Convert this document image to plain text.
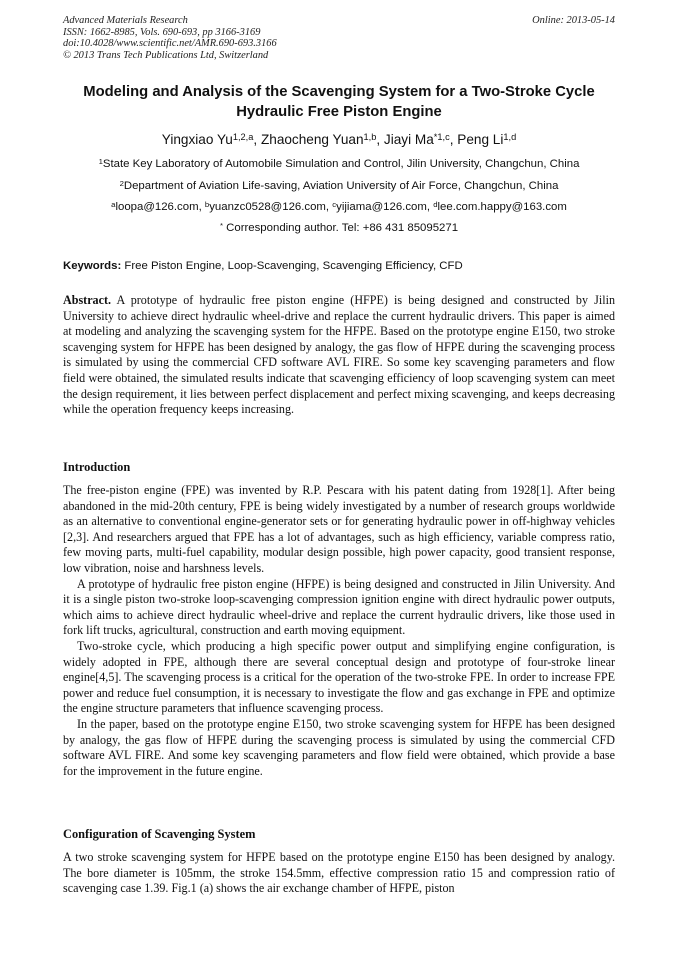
Advanced Materials Research
ISSN: 1662-8985, Vols. 690-693, pp 3166-3169
doi:10.4028/www.scientific.net/AMR.690-693.3166
© 2013 Trans Tech Publications Ltd, Switzerland
Online: 2013-05-14
Modeling and Analysis of the Scavenging System for a Two-Stroke Cycle
Hydraulic Free Piston Engine
Yingxiao Yu$^{1,2,a}$, Zhaocheng Yuan$^{1,b}$, Jiayi Ma$^{*1,c}$, Peng Li$^{1,d}$
$^1$State Key Laboratory of Automobile Simulation and Control, Jilin University, Changchun, China
$^2$Department of Aviation Life-saving, Aviation University of Air Force, Changchun, China
$^a$loopa@126.com, $^b$yuanzc0528@126.com, $^c$yijiama@126.com, $^d$lee.com.happy@163.com
* Corresponding author. Tel: +86 431 85095271
Keywords: Free Piston Engine, Loop-Scavenging, Scavenging Efficiency, CFD

Abstract. A prototype of hydraulic free piston engine (HFPE) is being designed and constructed by Jilin University to achieve direct hydraulic wheel-drive and replace the current hydraulic drivers. This paper is aimed at modeling and analyzing the scavenging system for the HFPE. Based on the prototype engine E150, two stroke scavenging system for HFPE has been designed by analogy, the gas flow of HFPE during the scavenging process is simulated by using the commercial CFD software AVL FIRE. So some key scavenging parameters and flow field were obtained, the simulated results indicate that scavenging efficiency of loop scavenging system can meet the design requirement, it lies between perfect displacement and perfect mixing scavenging, and keeps decreasing while the operation frequency keeps increasing.

Introduction

The free-piston engine (FPE) was invented by R.P. Pescara with his patent dating from 1928[1]. After being abandoned in the mid-20th century, FPE is being widely investigated by a number of research groups worldwide as an alternative to conventional engine-generator sets or for generating hydraulic power in off-highway vehicles [2,3]. And researchers argued that FPE has a lot of advantages, such as high efficiency, variable compress ratio, few moving parts, multi-fuel capability, modular design possible, high power capacity, good transient response, low vibration, noise and harshness levels.

A prototype of hydraulic free piston engine (HFPE) is being designed and constructed in Jilin University. And it is a single piston two-stroke loop-scavenging compression ignition engine with direct hydraulic power outputs, which aims to achieve direct hydraulic wheel-drive and replace the current hydraulic drivers, like those used in fork lift trucks, agricultural, construction and earth moving equipment.

Two-stroke cycle, which producing a high specific power output and simplifying engine configuration, is widely adopted in FPE, although there are several conceptual design and prototype of four-stroke linear engine[4,5]. The scavenging process is a critical for the operation of the two-stroke FPE. In order to increase FPE power and reduce fuel consumption, it is necessary to investigate the flow and gas exchange in FPE and optimize the engine structure parameters that influence scavenging process.

In the paper, based on the prototype engine E150, two stroke scavenging system for HFPE has been designed by analogy, the gas flow of HFPE during the scavenging process is simulated by using the commercial CFD software AVL FIRE. And some key scavenging parameters and flow field were obtained, which provide a base for the improvement in the future engine.

Configuration of Scavenging System

A two stroke scavenging system for HFPE based on the prototype engine E150 has been designed by analogy. The bore diameter is 105mm, the stroke 154.5mm, effective compression ratio 15 and compression ratio of scavenging case 1.39. Fig.1 (a) shows the air exchange chamber of HFPE, piston
